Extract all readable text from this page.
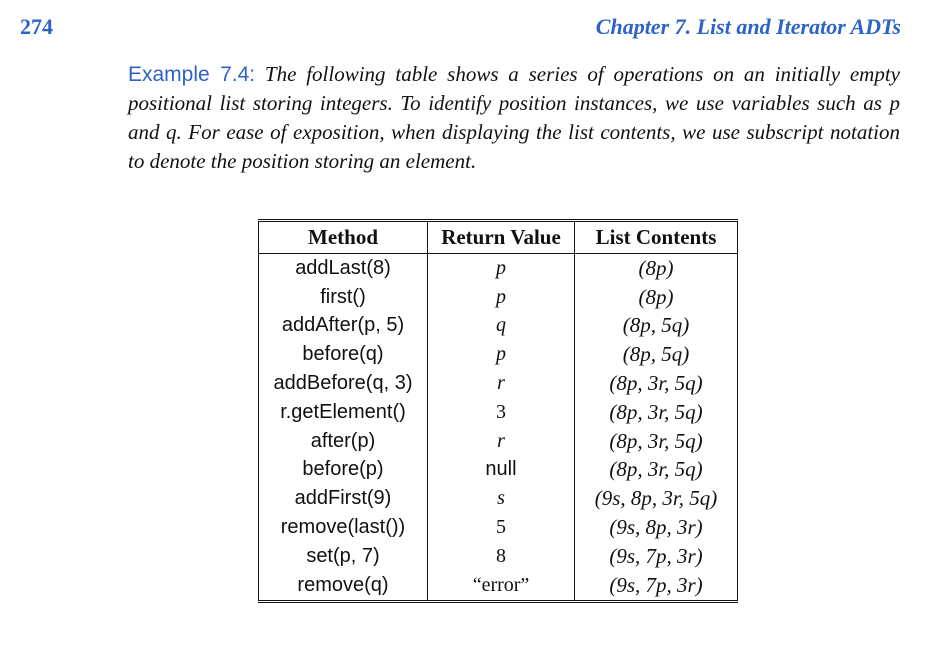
274	Chapter 7. List and Iterator ADTs

Example 7.4: The following table shows a series of operations on an initially empty positional list storing integers. To identify position instances, we use variables such as p and q. For ease of exposition, when displaying the list contents, we use subscript notation to denote the position storing an element.

Method	Return Value	List Contents
addLast(8)	p	(8p)
first()	p	(8p)
addAfter(p, 5)	q	(8p, 5q)
before(q)	p	(8p, 5q)
addBefore(q, 3)	r	(8p, 3r, 5q)
r.getElement()	3	(8p, 3r, 5q)
after(p)	r	(8p, 3r, 5q)
before(p)	null	(8p, 3r, 5q)
addFirst(9)	s	(9s, 8p, 3r, 5q)
remove(last())	5	(9s, 8p, 3r)
set(p, 7)	8	(9s, 7p, 3r)
remove(q)	“error”	(9s, 7p, 3r)
